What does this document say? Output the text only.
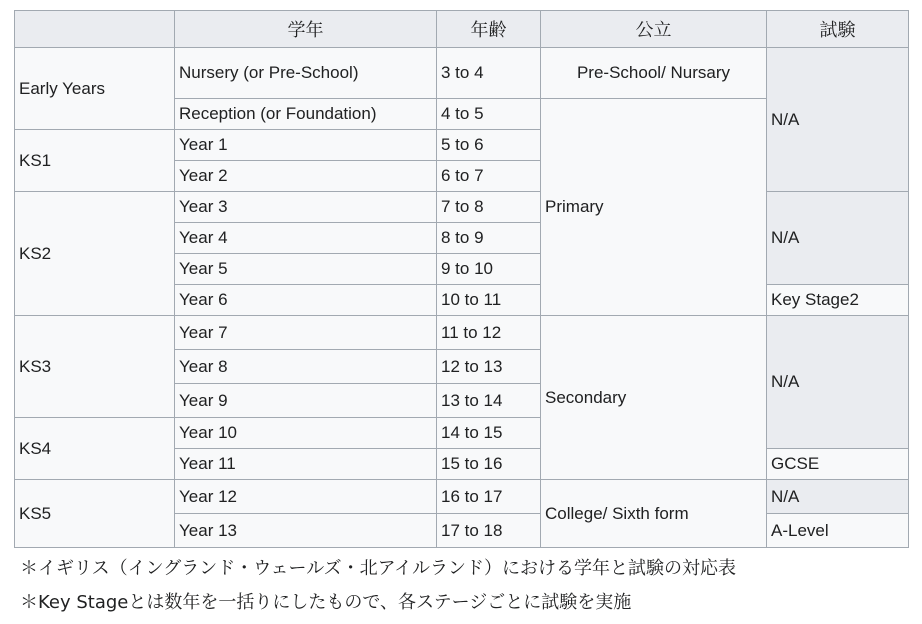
	学年	年齢	公立	試験	
Early Years	Nursery (or Pre-School)	3 to 4	Pre-School/ Nursary	N/A	
	Reception (or Foundation)	4 to 5	Primary		
KS1	Year 1	5 to 6			
	Year 2	6 to 7	
KS2	Year 3	7 to 8		N/A	
	Year 4	8 to 9			
	Year 5	9 to 10			
	Year 6	10 to 11		Key Stage2	
KS3	Year 7	11 to 12	Secondary	N/A	
	Year 8	12 to 13			
	Year 9	13 to 14			
KS4	Year 10	14 to 15			
	Year 11	15 to 16		GCSE	
KS5	Year 12	16 to 17	College/ Sixth form	N/A	
	Year 13	17 to 18		A-Level	
＊イギリス（イングランド・ウェールズ・北アイルランド）における学年と試験の対応表
＊Key Stageとは数年を一括りにしたもので、各ステージごとに試験を実施
